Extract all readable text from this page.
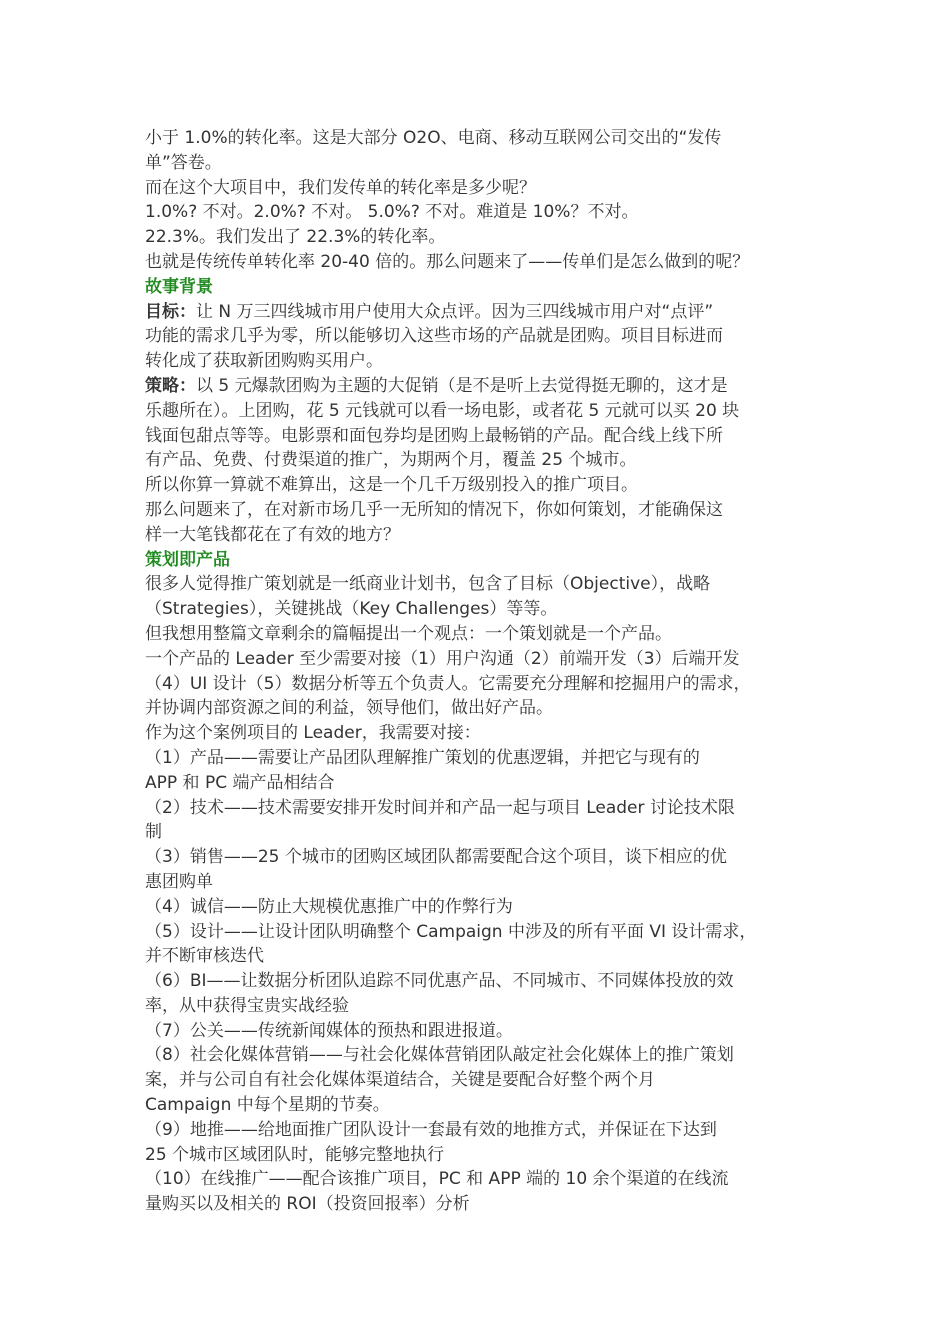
小于 1.0%的转化率。这是大部分 O2O、电商、移动互联网公司交出的“发传

单”答卷。

而在这个大项目中，我们发传单的转化率是多少呢？

1.0%? 不对。2.0%? 不对。 5.0%? 不对。难道是 10%？不对。

22.3%。我们发出了 22.3%的转化率。

也就是传统传单转化率 20-40 倍的。那么问题来了——传单们是怎么做到的呢？

故事背景

目标：让 N 万三四线城市用户使用大众点评。因为三四线城市用户对“点评”

功能的需求几乎为零，所以能够切入这些市场的产品就是团购。项目目标进而

转化成了获取新团购购买用户。

策略：以 5 元爆款团购为主题的大促销（是不是听上去觉得挺无聊的，这才是

乐趣所在）。上团购，花 5 元钱就可以看一场电影，或者花 5 元就可以买 20 块

钱面包甜点等等。电影票和面包券均是团购上最畅销的产品。配合线上线下所

有产品、免费、付费渠道的推广，为期两个月，覆盖 25 个城市。

所以你算一算就不难算出，这是一个几千万级别投入的推广项目。

那么问题来了，在对新市场几乎一无所知的情况下，你如何策划，才能确保这

样一大笔钱都花在了有效的地方？

策划即产品

很多人觉得推广策划就是一纸商业计划书，包含了目标（Objective），战略

（Strategies），关键挑战（Key Challenges）等等。

但我想用整篇文章剩余的篇幅提出一个观点：一个策划就是一个产品。

一个产品的 Leader 至少需要对接（1）用户沟通（2）前端开发（3）后端开发

（4）UI 设计（5）数据分析等五个负责人。它需要充分理解和挖掘用户的需求，

并协调内部资源之间的利益，领导他们，做出好产品。

作为这个案例项目的 Leader，我需要对接：

（1）产品——需要让产品团队理解推广策划的优惠逻辑，并把它与现有的

APP 和 PC 端产品相结合

（2）技术——技术需要安排开发时间并和产品一起与项目 Leader 讨论技术限

制

（3）销售——25 个城市的团购区域团队都需要配合这个项目，谈下相应的优

惠团购单

（4）诚信——防止大规模优惠推广中的作弊行为

（5）设计——让设计团队明确整个 Campaign 中涉及的所有平面 VI 设计需求，

并不断审核迭代

（6）BI——让数据分析团队追踪不同优惠产品、不同城市、不同媒体投放的效

率，从中获得宝贵实战经验

（7）公关——传统新闻媒体的预热和跟进报道。

（8）社会化媒体营销——与社会化媒体营销团队敲定社会化媒体上的推广策划

案，并与公司自有社会化媒体渠道结合，关键是要配合好整个两个月

Campaign 中每个星期的节奏。

（9）地推——给地面推广团队设计一套最有效的地推方式，并保证在下达到

25 个城市区域团队时，能够完整地执行

（10）在线推广——配合该推广项目，PC 和 APP 端的 10 余个渠道的在线流

量购买以及相关的 ROI（投资回报率）分析
